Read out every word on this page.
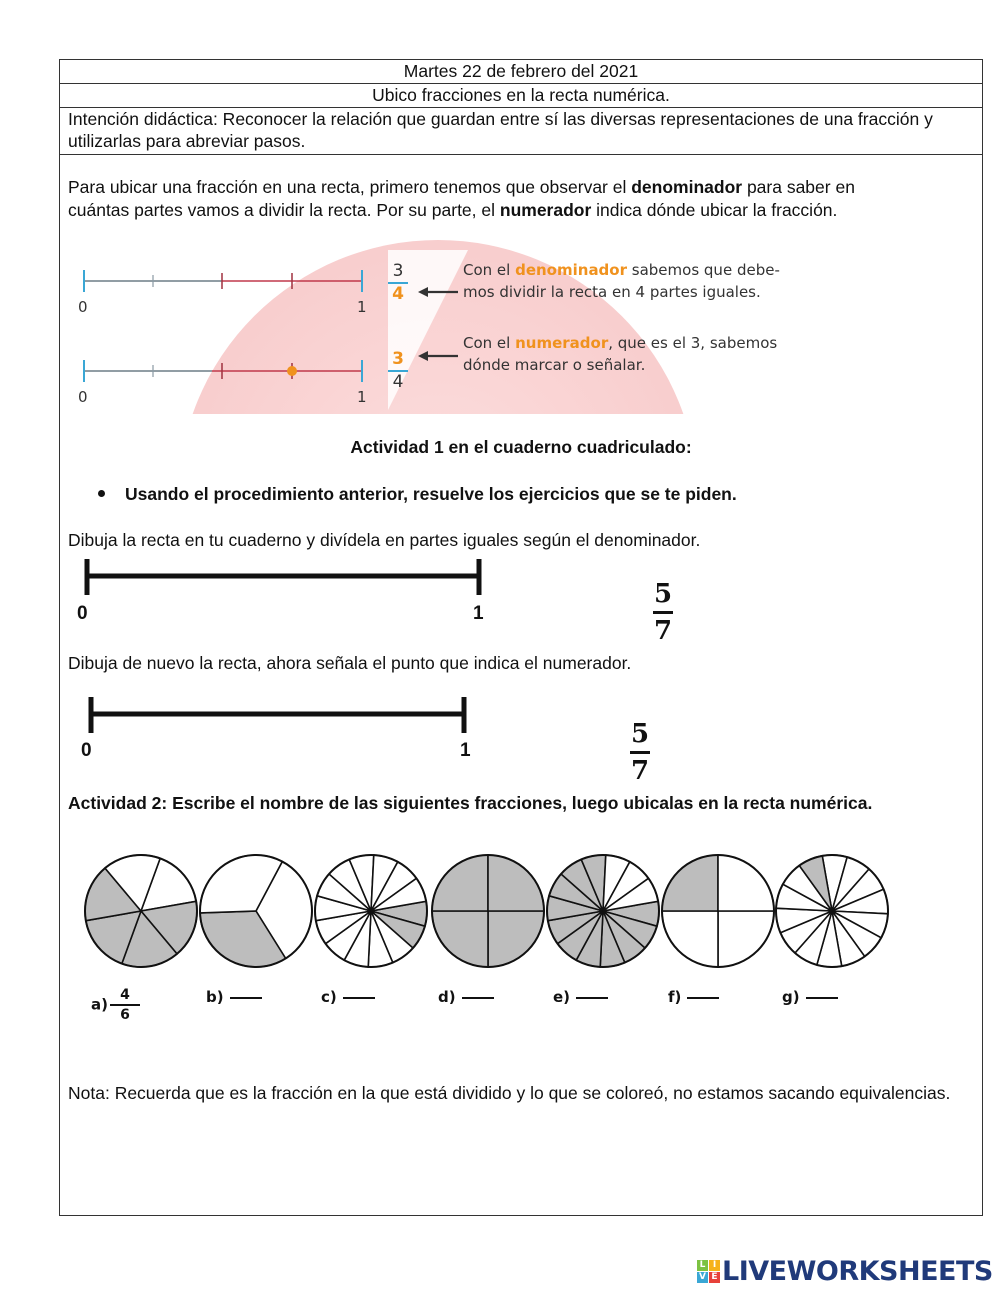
Martes 22 de febrero del 2021
Ubico fracciones en la recta numérica.
Intención didáctica: Reconocer la relación que guardan entre sí las diversas representaciones de una fracción y utilizarlas para abreviar pasos.
Para ubicar una fracción en una recta, primero tenemos que observar el denominador para saber en
cuántas partes vamos a dividir la recta. Por su parte, el numerador indica dónde ubicar la fracción.
0	1
0	1
3
4
3
4
Con el denominador sabemos que debe-
mos dividir la recta en 4 partes iguales.
Con el numerador, que es el 3, sabemos
dónde marcar o señalar.
Actividad 1 en el cuaderno cuadriculado:
Usando el procedimiento anterior, resuelve los ejercicios que se te piden.
Dibuja la recta en tu cuaderno y divídela en partes iguales según el denominador.
0	1
5
7
Dibuja de nuevo la recta, ahora señala el punto que indica el numerador.
0	1
5
7
Actividad 2: Escribe el nombre de las siguientes fracciones, luego ubicalas en la recta numérica.
$a) \frac{4}{6}$	b)	c)	d)	e)	f)	g)
Nota: Recuerda que es la fracción en la que está dividido y lo que se coloreó, no estamos sacando equivalencias.
L I
V E LIVEWORKSHEETS
